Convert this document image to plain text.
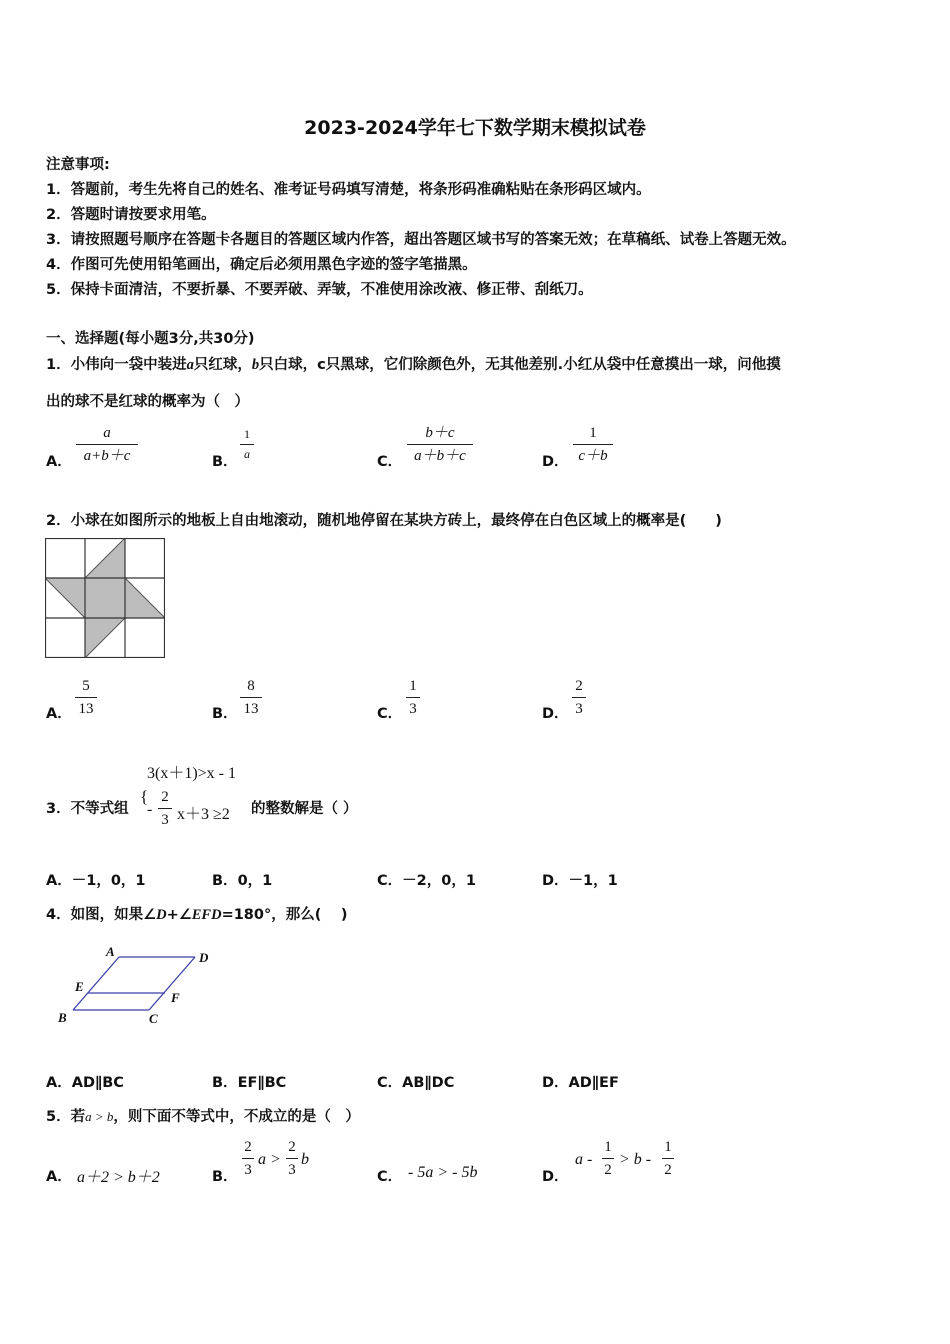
2023-2024学年七下数学期末模拟试卷
注意事项:
1．答题前，考生先将自己的姓名、准考证号码填写清楚，将条形码准确粘贴在条形码区域内。
2．答题时请按要求用笔。
3．请按照题号顺序在答题卡各题目的答题区域内作答，超出答题区域书写的答案无效；在草稿纸、试卷上答题无效。
4．作图可先使用铅笔画出，确定后必须用黑色字迹的签字笔描黑。
5．保持卡面清洁，不要折暴、不要弄破、弄皱，不准使用涂改液、修正带、刮纸刀。
一、选择题(每小题3分,共30分)
1．小伟向一袋中装进a只红球，b只白球，c只黑球，它们除颜色外，无其他差别.小红从袋中任意摸出一球，问他摸
出的球不是红球的概率为（　）
A．
a
a+b＋c	B．
1
a	C．
b＋c
a＋b＋c	D．
1
c＋b
2．小球在如图所示的地板上自由地滚动，随机地停留在某块方砖上，最终停在白色区域上的概率是(　　)
A．
5
13	B．
8
13	C．
1
3	D．
2
3
3(x＋1)>x - 1
3．不等式组
{
-
2
3 x＋3 ≥2 的整数解是（ ）
A．－1，0，1	B．0，1	C．－2，0，1	D．－1，1
4．如图，如果∠D+∠EFD=180°，那么(　 )
A	D
E
F
B	C
A．AD∥BC	B．EF∥BC	C．AB∥DC	D．AD∥EF
5．若a > b，则下面不等式中，不成立的是（　）
A． a＋2 > b＋2	B．
2
3
a >
2
3
b
C． - 5a > - 5b	D．
a -
1
2
> b -
1
2
